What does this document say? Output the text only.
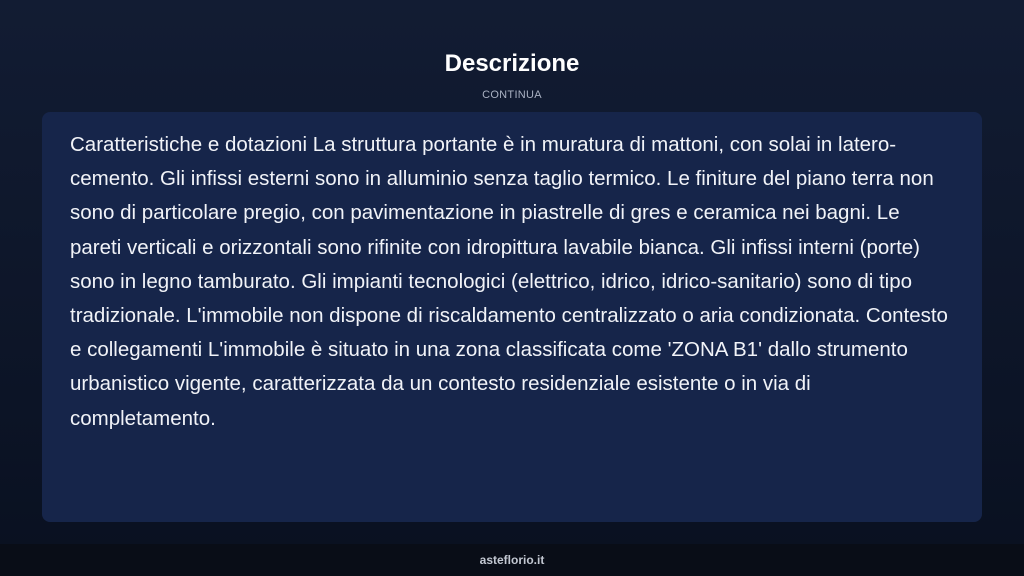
Descrizione
CONTINUA

Caratteristiche e dotazioni La struttura portante è in muratura di mattoni, con solai in latero-cemento. Gli infissi esterni sono in alluminio senza taglio termico. Le finiture del piano terra non sono di particolare pregio, con pavimentazione in piastrelle di gres e ceramica nei bagni. Le pareti verticali e orizzontali sono rifinite con idropittura lavabile bianca. Gli infissi interni (porte) sono in legno tamburato. Gli impianti tecnologici (elettrico, idrico, idrico-sanitario) sono di tipo tradizionale. L'immobile non dispone di riscaldamento centralizzato o aria condizionata. Contesto e collegamenti L'immobile è situato in una zona classificata come 'ZONA B1' dallo strumento urbanistico vigente, caratterizzata da un contesto residenziale esistente o in via di completamento.

asteflorio.it
